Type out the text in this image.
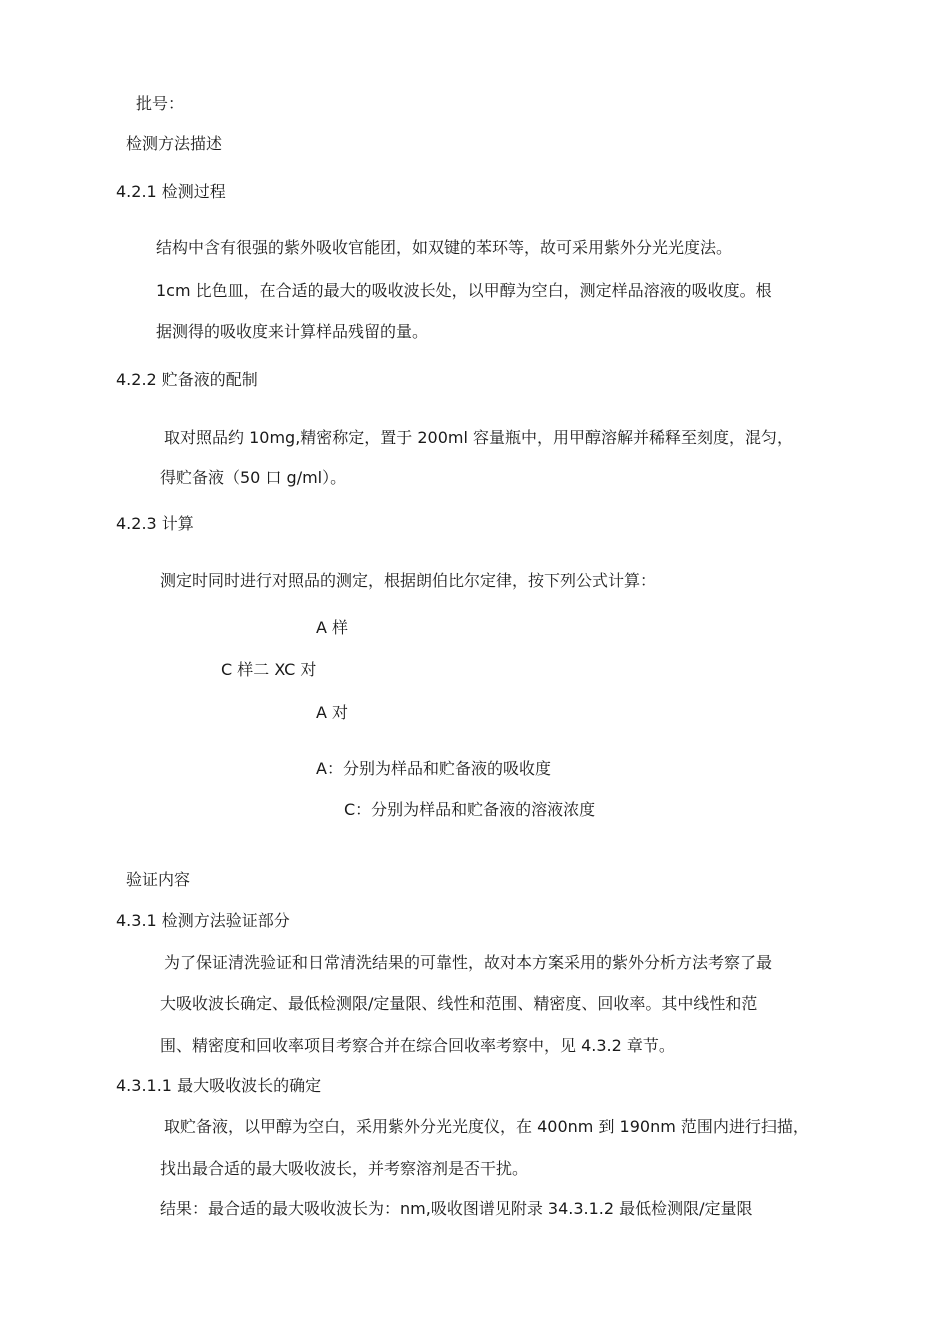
批号：
检测方法描述
4.2.1 检测过程
结构中含有很强的紫外吸收官能团，如双键的苯环等，故可采用紫外分光光度法。
1cm 比色皿，在合适的最大的吸收波长处，以甲醇为空白，测定样品溶液的吸收度。根
据测得的吸收度来计算样品残留的量。
4.2.2 贮备液的配制
取对照品约 10mg,精密称定，置于 200ml 容量瓶中，用甲醇溶解并稀释至刻度，混匀，
得贮备液（50 口 g/ml）。
4.2.3 计算
测定时同时进行对照品的测定，根据朗伯比尔定律，按下列公式计算：
A 样
C 样二 XC 对
A 对
A：分别为样品和贮备液的吸收度
C：分别为样品和贮备液的溶液浓度
验证内容
4.3.1 检测方法验证部分
为了保证清洗验证和日常清洗结果的可靠性，故对本方案采用的紫外分析方法考察了最
大吸收波长确定、最低检测限/定量限、线性和范围、精密度、回收率。其中线性和范
围、精密度和回收率项目考察合并在综合回收率考察中，见 4.3.2 章节。
4.3.1.1 最大吸收波长的确定
取贮备液，以甲醇为空白，采用紫外分光光度仪，在 400nm 到 190nm 范围内进行扫描，
找出最合适的最大吸收波长，并考察溶剂是否干扰。
结果：最合适的最大吸收波长为：nm,吸收图谱见附录 34.3.1.2 最低检测限/定量限
